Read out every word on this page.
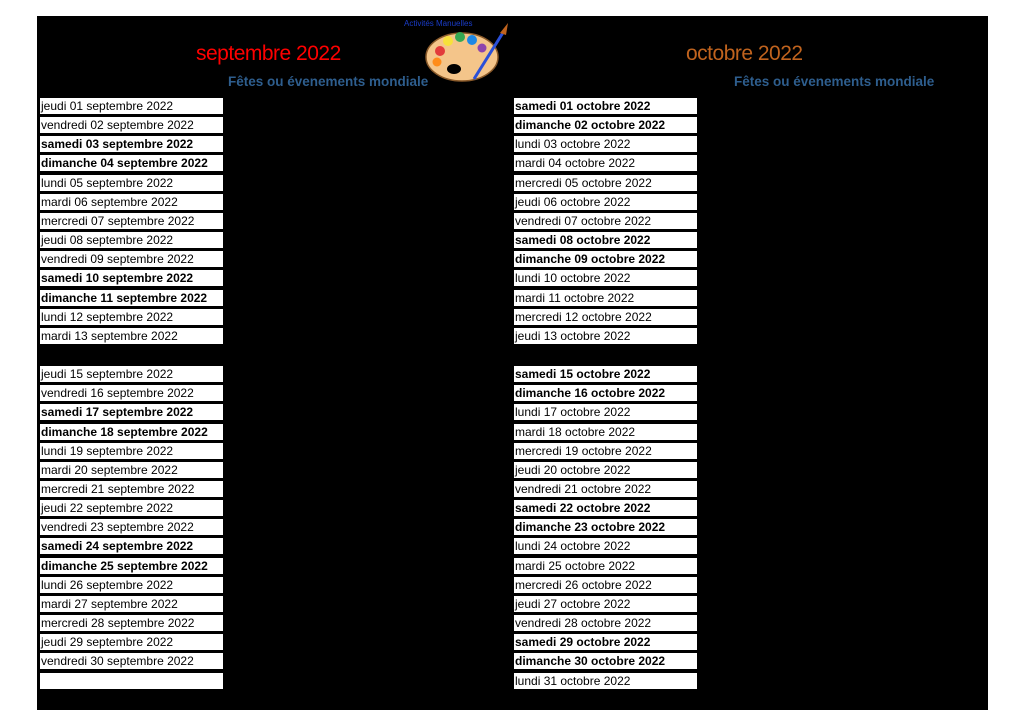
septembre 2022	octobre 2022
Fêtes ou évenements mondiale	Fêtes ou évenements mondiale
Activités Manuelles
jeudi 01 septembre 2022
vendredi 02 septembre 2022
samedi 03 septembre 2022
dimanche 04 septembre 2022
lundi 05 septembre 2022
mardi 06 septembre 2022
mercredi 07 septembre 2022
jeudi 08 septembre 2022
vendredi 09 septembre 2022
samedi 10 septembre 2022
dimanche 11 septembre 2022
lundi 12 septembre 2022
mardi 13 septembre 2022
jeudi 15 septembre 2022
vendredi 16 septembre 2022
samedi 17 septembre 2022
dimanche 18 septembre 2022
lundi 19 septembre 2022
mardi 20 septembre 2022
mercredi 21 septembre 2022
jeudi 22 septembre 2022
vendredi 23 septembre 2022
samedi 24 septembre 2022
dimanche 25 septembre 2022
lundi 26 septembre 2022
mardi 27 septembre 2022
mercredi 28 septembre 2022
jeudi 29 septembre 2022
vendredi 30 septembre 2022
samedi 01 octobre 2022
dimanche 02 octobre 2022
lundi 03 octobre 2022
mardi 04 octobre 2022
mercredi 05 octobre 2022
jeudi 06 octobre 2022
vendredi 07 octobre 2022
samedi 08 octobre 2022
dimanche 09 octobre 2022
lundi 10 octobre 2022
mardi 11 octobre 2022
mercredi 12 octobre 2022
jeudi 13 octobre 2022
samedi 15 octobre 2022
dimanche 16 octobre 2022
lundi 17 octobre 2022
mardi 18 octobre 2022
mercredi 19 octobre 2022
jeudi 20 octobre 2022
vendredi 21 octobre 2022
samedi 22 octobre 2022
dimanche 23 octobre 2022
lundi 24 octobre 2022
mardi 25 octobre 2022
mercredi 26 octobre 2022
jeudi 27 octobre 2022
vendredi 28 octobre 2022
samedi 29 octobre 2022
dimanche 30 octobre 2022
lundi 31 octobre 2022
